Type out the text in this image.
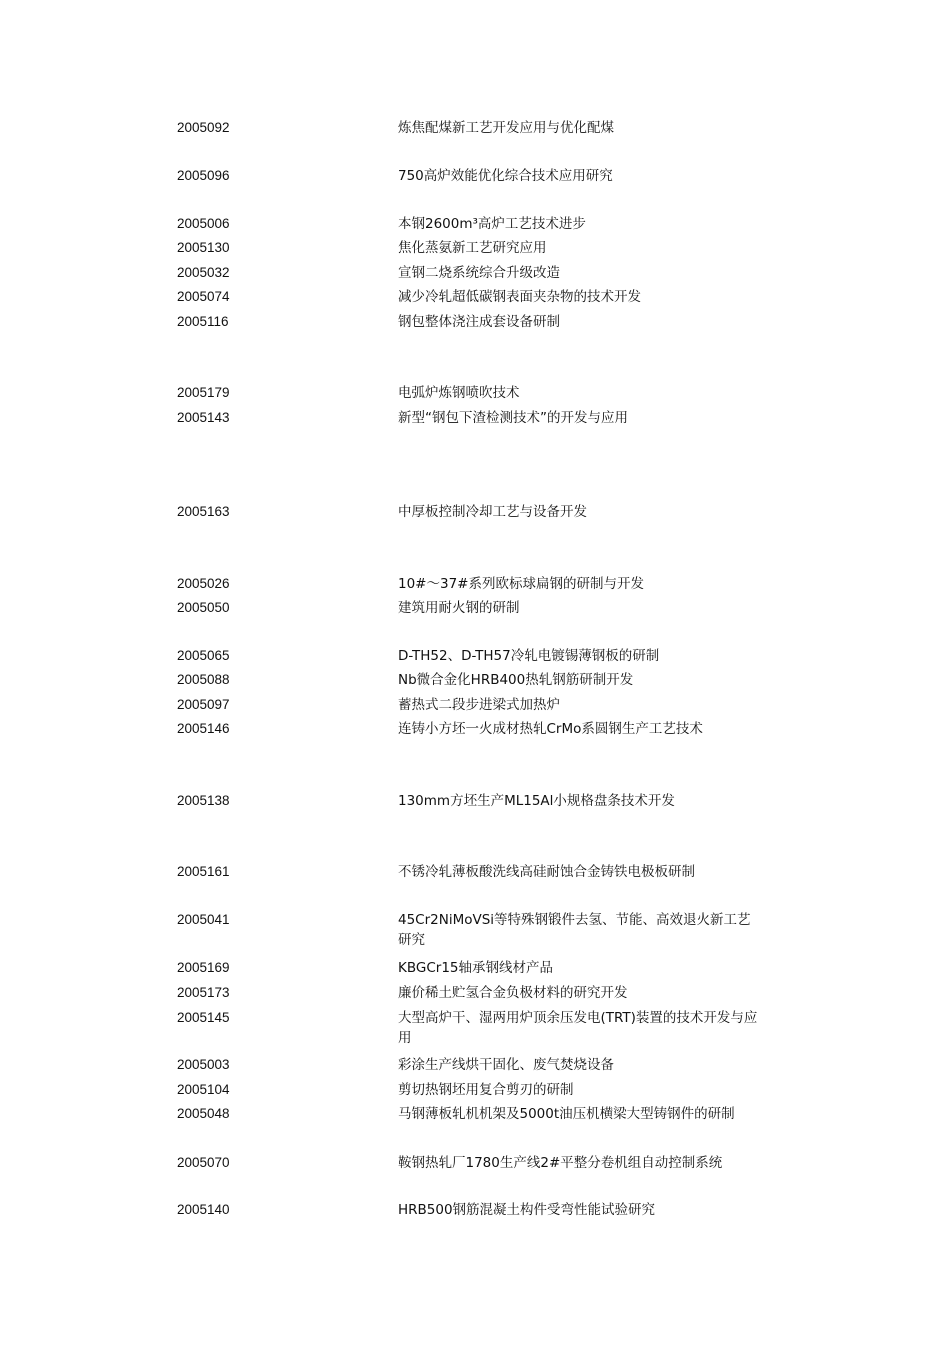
2005092	炼焦配煤新工艺开发应用与优化配煤
2005096	750高炉效能优化综合技术应用研究
2005006	本钢2600m³高炉工艺技术进步
2005130	焦化蒸氨新工艺研究应用
2005032	宣钢二烧系统综合升级改造
2005074	减少冷轧超低碳钢表面夹杂物的技术开发
2005116	钢包整体浇注成套设备研制
2005179	电弧炉炼钢喷吹技术
2005143	新型“钢包下渣检测技术”的开发与应用
2005163	中厚板控制冷却工艺与设备开发
2005026	10#～37#系列欧标球扁钢的研制与开发
2005050	建筑用耐火钢的研制
2005065	D-TH52、D-TH57冷轧电镀锡薄钢板的研制
2005088	Nb微合金化HRB400热轧钢筋研制开发
2005097	蓄热式二段步进梁式加热炉
2005146	连铸小方坯一火成材热轧CrMo系圆钢生产工艺技术
2005138	130mm方坯生产ML15Al小规格盘条技术开发
2005161	不锈冷轧薄板酸洗线高硅耐蚀合金铸铁电极板研制
2005041	45Cr2NiMoVSi等特殊钢锻件去氢、节能、高效退火新工艺研究
2005169	KBGCr15轴承钢线材产品
2005173	廉价稀土贮氢合金负极材料的研究开发
2005145	大型高炉干、湿两用炉顶余压发电(TRT)装置的技术开发与应用
2005003	彩涂生产线烘干固化、废气焚烧设备
2005104	剪切热钢坯用复合剪刃的研制
2005048	马钢薄板轧机机架及5000t油压机横梁大型铸钢件的研制
2005070	鞍钢热轧厂1780生产线2#平整分卷机组自动控制系统
2005140	HRB500钢筋混凝土构件受弯性能试验研究
